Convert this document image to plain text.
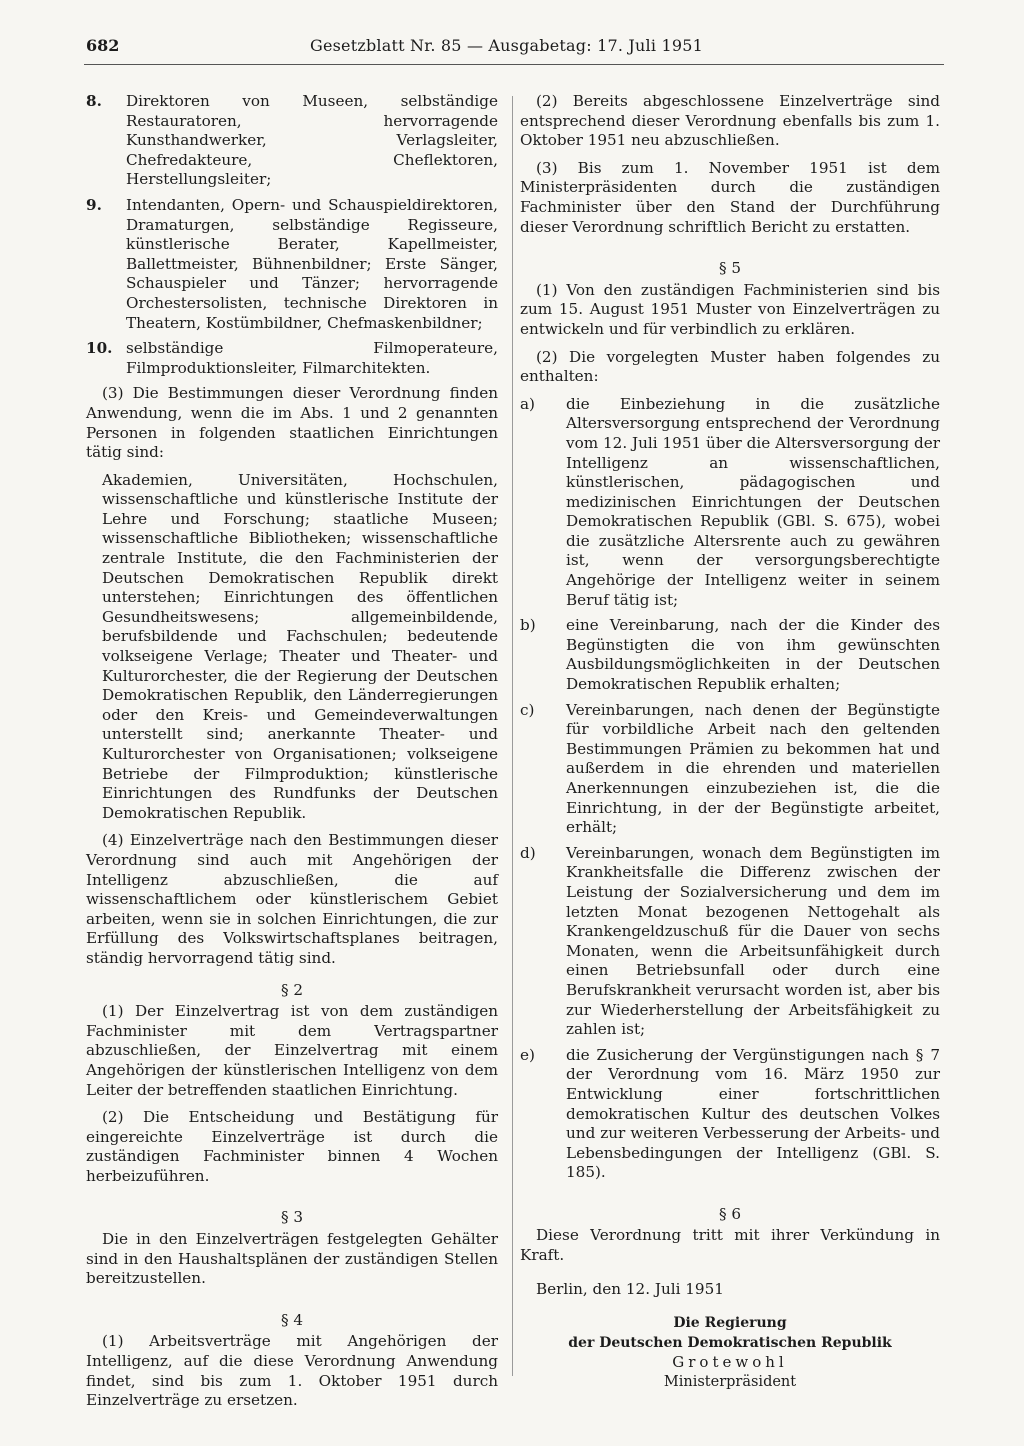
682	Gesetzblatt Nr. 85 — Ausgabetag: 17. Juli 1951
8.	Direktoren von Museen, selbständige Restauratoren, hervorragende Kunsthandwerker, Verlagsleiter, Chefredakteure, Cheflektoren, Herstellungsleiter;
9.	Intendanten, Opern- und Schauspieldirektoren, Dramaturgen, selbständige Regisseure, künstlerische Berater, Kapellmeister, Ballettmeister, Bühnenbildner; Erste Sänger, Schauspieler und Tänzer; hervorragende Orchestersolisten, technische Direktoren in Theatern, Kostümbildner, Chefmaskenbildner;
10. selbständige Filmoperateure, Filmproduktionsleiter, Filmarchitekten.

(3) Die Bestimmungen dieser Verordnung finden Anwendung, wenn die im Abs. 1 und 2 genannten Personen in folgenden staatlichen Einrichtungen tätig sind:

Akademien, Universitäten, Hochschulen, wissenschaftliche und künstlerische Institute der Lehre und Forschung; staatliche Museen; wissenschaftliche Bibliotheken; wissenschaftliche zentrale Institute, die den Fachministerien der Deutschen Demokratischen Republik direkt unterstehen; Einrichtungen des öffentlichen Gesundheitswesens; allgemeinbildende, berufsbildende und Fachschulen; bedeutende volkseigene Verlage; Theater und Theater- und Kulturorchester, die der Regierung der Deutschen Demokratischen Republik, den Länderregierungen oder den Kreis- und Gemeindeverwaltungen unterstellt sind; anerkannte Theater- und Kulturorchester von Organisationen; volkseigene Betriebe der Filmproduktion; künstlerische Einrichtungen des Rundfunks der Deutschen Demokratischen Republik.

(4) Einzelverträge nach den Bestimmungen dieser Verordnung sind auch mit Angehörigen der Intelligenz abzuschließen, die auf wissenschaftlichem oder künstlerischem Gebiet arbeiten, wenn sie in solchen Einrichtungen, die zur Erfüllung des Volkswirtschaftsplanes beitragen, ständig hervorragend tätig sind.

§ 2

(1) Der Einzelvertrag ist von dem zuständigen Fachminister mit dem Vertragspartner abzuschließen, der Einzelvertrag mit einem Angehörigen der künstlerischen Intelligenz von dem Leiter der betreffenden staatlichen Einrichtung.

(2) Die Entscheidung und Bestätigung für eingereichte Einzelverträge ist durch die zuständigen Fachminister binnen 4 Wochen herbeizuführen.

§ 3

Die in den Einzelverträgen festgelegten Gehälter sind in den Haushaltsplänen der zuständigen Stellen bereitzustellen.

§ 4

(1) Arbeitsverträge mit Angehörigen der Intelligenz, auf die diese Verordnung Anwendung findet, sind bis zum 1. Oktober 1951 durch Einzelverträge zu ersetzen.

(2) Bereits abgeschlossene Einzelverträge sind entsprechend dieser Verordnung ebenfalls bis zum 1. Oktober 1951 neu abzuschließen.

(3) Bis zum 1. November 1951 ist dem Ministerpräsidenten durch die zuständigen Fachminister über den Stand der Durchführung dieser Verordnung schriftlich Bericht zu erstatten.

§ 5

(1) Von den zuständigen Fachministerien sind bis zum 15. August 1951 Muster von Einzelverträgen zu entwickeln und für verbindlich zu erklären.

(2) Die vorgelegten Muster haben folgendes zu enthalten:

a)	die Einbeziehung in die zusätzliche Altersversorgung entsprechend der Verordnung vom 12. Juli 1951 über die Altersversorgung der Intelligenz an wissenschaftlichen, künstlerischen, pädagogischen und medizinischen Einrichtungen der Deutschen Demokratischen Republik (GBl. S. 675), wobei die zusätzliche Altersrente auch zu gewähren ist, wenn der versorgungsberechtigte Angehörige der Intelligenz weiter in seinem Beruf tätig ist;
b)	eine Vereinbarung, nach der die Kinder des Begünstigten die von ihm gewünschten Ausbildungsmöglichkeiten in der Deutschen Demokratischen Republik erhalten;
c)	Vereinbarungen, nach denen der Begünstigte für vorbildliche Arbeit nach den geltenden Bestimmungen Prämien zu bekommen hat und außerdem in die ehrenden und materiellen Anerkennungen einzubeziehen ist, die die Einrichtung, in der der Begünstigte arbeitet, erhält;
d)	Vereinbarungen, wonach dem Begünstigten im Krankheitsfalle die Differenz zwischen der Leistung der Sozialversicherung und dem im letzten Monat bezogenen Nettogehalt als Krankengeldzuschuß für die Dauer von sechs Monaten, wenn die Arbeitsunfähigkeit durch einen Betriebsunfall oder durch eine Berufskrankheit verursacht worden ist, aber bis zur Wiederherstellung der Arbeitsfähigkeit zu zahlen ist;
e)	die Zusicherung der Vergünstigungen nach § 7 der Verordnung vom 16. März 1950 zur Entwicklung einer fortschrittlichen demokratischen Kultur des deutschen Volkes und zur weiteren Verbesserung der Arbeits- und Lebensbedingungen der Intelligenz (GBl. S. 185).
§ 6

Diese Verordnung tritt mit ihrer Verkündung in Kraft.

Berlin, den 12. Juli 1951

Die Regierung

der Deutschen Demokratischen Republik

Grotewohl

Ministerpräsident
